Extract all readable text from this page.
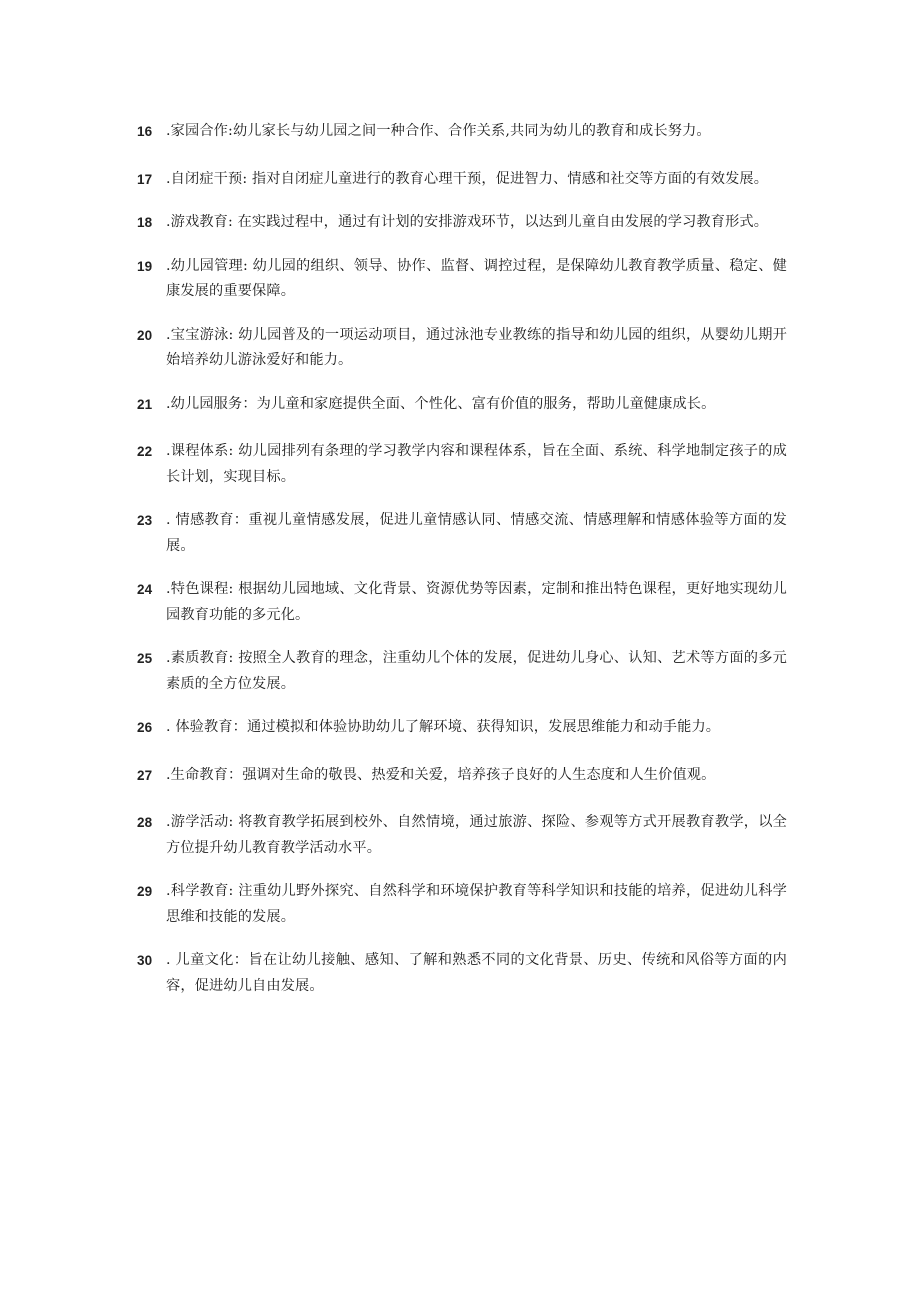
16 .家园合作:幼儿家长与幼儿园之间一种合作、合作关系,共同为幼儿的教育和成长努力。
17 .自闭症干预: 指对自闭症儿童进行的教育心理干预，促进智力、情感和社交等方面的有效发展。
18 .游戏教育: 在实践过程中，通过有计划的安排游戏环节，以达到儿童自由发展的学习教育形式。
19 .幼儿园管理: 幼儿园的组织、领导、协作、监督、调控过程，是保障幼儿教育教学质量、稳定、健康发展的重要保障。
20 .宝宝游泳: 幼儿园普及的一项运动项目，通过泳池专业教练的指导和幼儿园的组织，从婴幼儿期开始培养幼儿游泳爱好和能力。
21 .幼儿园服务：为儿童和家庭提供全面、个性化、富有价值的服务，帮助儿童健康成长。
22 .课程体系: 幼儿园排列有条理的学习教学内容和课程体系，旨在全面、系统、科学地制定孩子的成长计划，实现目标。
23 . 情感教育：重视儿童情感发展，促进儿童情感认同、情感交流、情感理解和情感体验等方面的发展。
24 .特色课程: 根据幼儿园地域、文化背景、资源优势等因素，定制和推出特色课程，更好地实现幼儿园教育功能的多元化。
25 .素质教育: 按照全人教育的理念，注重幼儿个体的发展，促进幼儿身心、认知、艺术等方面的多元素质的全方位发展。
26 . 体验教育：通过模拟和体验协助幼儿了解环境、获得知识，发展思维能力和动手能力。
27 .生命教育：强调对生命的敬畏、热爱和关爱，培养孩子良好的人生态度和人生价值观。
28 .游学活动: 将教育教学拓展到校外、自然情境，通过旅游、探险、参观等方式开展教育教学，以全方位提升幼儿教育教学活动水平。
29 .科学教育: 注重幼儿野外探究、自然科学和环境保护教育等科学知识和技能的培养，促进幼儿科学思维和技能的发展。
30 . 儿童文化：旨在让幼儿接触、感知、了解和熟悉不同的文化背景、历史、传统和风俗等方面的内容，促进幼儿自由发展。
